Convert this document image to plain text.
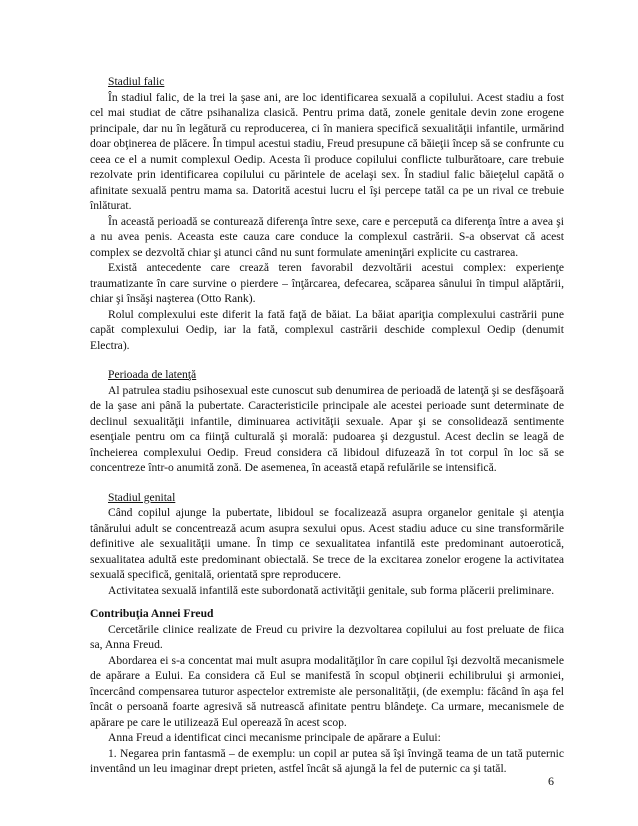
Stadiul falic

În stadiul falic, de la trei la şase ani, are loc identificarea sexuală a copilului. Acest stadiu a fost cel mai studiat de către psihanaliza clasică. Pentru prima dată, zonele genitale devin zone erogene principale, dar nu în legătură cu reproducerea, ci în maniera specifică sexualităţii infantile, urmărind doar obţinerea de plăcere. În timpul acestui stadiu, Freud presupune că băieţii încep să se confrunte cu ceea ce el a numit complexul Oedip. Acesta îi produce copilului conflicte tulburătoare, care trebuie rezolvate prin identificarea copilului cu părintele de acelaşi sex. În stadiul falic băieţelul capătă o afinitate sexuală pentru mama sa. Datorită acestui lucru el îşi percepe tatăl ca pe un rival ce trebuie înlăturat.

În această perioadă se conturează diferenţa între sexe, care e percepută ca diferenţa între a avea şi a nu avea penis. Aceasta este cauza care conduce la complexul castrării. S-a observat că acest complex se dezvoltă chiar şi atunci când nu sunt formulate ameninţări explicite cu castrarea.

Există antecedente care crează teren favorabil dezvoltării acestui complex: experienţe traumatizante în care survine o pierdere – înţărcarea, defecarea, scăparea sânului în timpul alăptării, chiar şi însăşi naşterea (Otto Rank).

Rolul complexului este diferit la fată faţă de băiat. La băiat apariţia complexului castrării pune capăt complexului Oedip, iar la fată, complexul castrării deschide complexul Oedip (denumit Electra).

Perioada de latenţă

Al patrulea stadiu psihosexual este cunoscut sub denumirea de perioadă de latenţă şi se desfăşoară de la şase ani până la pubertate. Caracteristicile principale ale acestei perioade sunt determinate de declinul sexualităţii infantile, diminuarea activităţii sexuale. Apar şi se consolidează sentimente esenţiale pentru om ca fiinţă culturală şi morală: pudoarea şi dezgustul. Acest declin se leagă de încheierea complexului Oedip. Freud considera că libidoul difuzează în tot corpul în loc să se concentreze într-o anumită zonă. De asemenea, în această etapă refulările se intensifică.

Stadiul genital

Când copilul ajunge la pubertate, libidoul se focalizează asupra organelor genitale şi atenţia tânărului adult se concentrează acum asupra sexului opus. Acest stadiu aduce cu sine transformările definitive ale sexualităţii umane. În timp ce sexualitatea infantilă este predominant autoerotică, sexualitatea adultă este predominant obiectală. Se trece de la excitarea zonelor erogene la activitatea sexuală specifică, genitală, orientată spre reproducere.

Activitatea sexuală infantilă este subordonată activităţii genitale, sub forma plăcerii preliminare.

Contribuţia Annei Freud

Cercetările clinice realizate de Freud cu privire la dezvoltarea copilului au fost preluate de fiica sa, Anna Freud.

Abordarea ei s-a concentat mai mult asupra modalităţilor în care copilul îşi dezvoltă mecanismele de apărare a Eului. Ea considera că Eul se manifestă în scopul obţinerii echilibrului şi armoniei, încercând compensarea tuturor aspectelor extremiste ale personalităţii, (de exemplu: făcând în aşa fel încât o persoană foarte agresivă să nutrească afinitate pentru blândeţe. Ca urmare, mecanismele de apărare pe care le utilizează Eul operează în acest scop.

Anna Freud a identificat cinci mecanisme principale de apărare a Eului:

1. Negarea prin fantasmă – de exemplu: un copil ar putea să îşi învingă teama de un tată puternic inventând un leu imaginar drept prieten, astfel încât să ajungă la fel de puternic ca şi tatăl.

6
